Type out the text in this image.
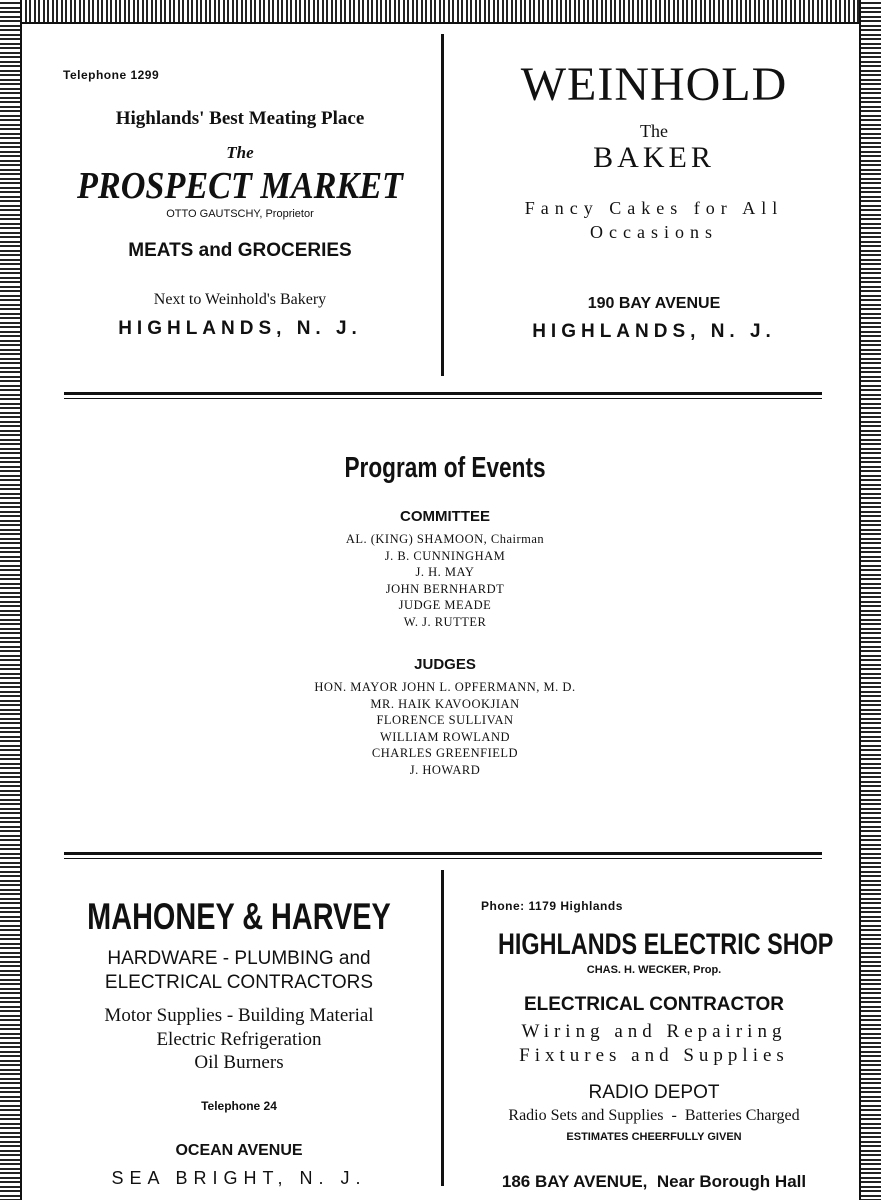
Telephone 1299
Highlands' Best Meating Place
The
PROSPECT MARKET
OTTO GAUTSCHY, Proprietor
MEATS and GROCERIES
Next to Weinhold's Bakery
HIGHLANDS, N. J.
WEINHOLD
The
BAKER
Fancy Cakes for All
Occasions
190 BAY AVENUE
HIGHLANDS, N. J.
Program of Events
COMMITTEE
AL. (KING) SHAMOON, Chairman
J. B. CUNNINGHAM
J. H. MAY
JOHN BERNHARDT
JUDGE MEADE
W. J. RUTTER
JUDGES
HON. MAYOR JOHN L. OPFERMANN, M. D.
MR. HAIK KAVOOKJIAN
FLORENCE SULLIVAN
WILLIAM ROWLAND
CHARLES GREENFIELD
J. HOWARD
MAHONEY & HARVEY
HARDWARE - PLUMBING and
ELECTRICAL CONTRACTORS
Motor Supplies - Building Material
Electric Refrigeration
Oil Burners
Telephone 24
OCEAN AVENUE
SEA BRIGHT, N. J.
Phone: 1179 Highlands
HIGHLANDS ELECTRIC SHOP
CHAS. H. WECKER, Prop.
ELECTRICAL CONTRACTOR
Wiring and Repairing
Fixtures and Supplies
RADIO DEPOT
Radio Sets and Supplies  -  Batteries Charged
ESTIMATES CHEERFULLY GIVEN
186 BAY AVENUE,  Near Borough Hall
